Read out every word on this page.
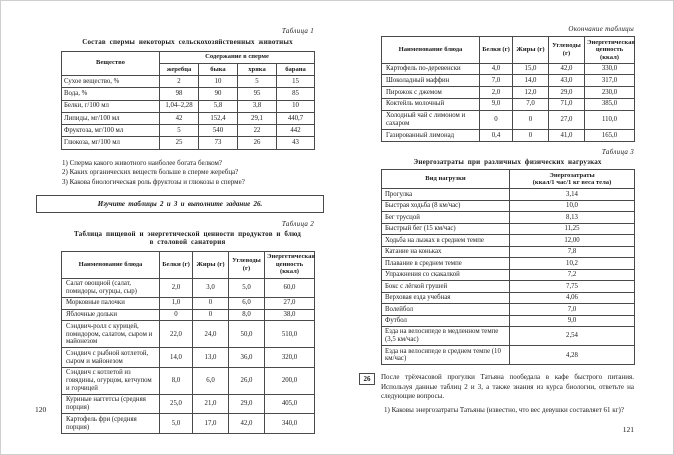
Таблица 1
Состав спермы некоторых сельскохозяйственных животных
Вещество	Содержание в сперме			
	жеребца	быка	хряка	барана
Сухое вещество, %	2	10	5	15
Вода, %	98	90	95	85
Белки, г/100 мл	1,04–2,28	5,8	3,8	10
Липиды, мг/100 мл	42	152,4	29,1	440,7
Фруктоза, мг/100 мл	5	540	22	442
Глюкоза, мг/100 мл	25	73	26	43
1) Сперма какого животного наиболее богата белком?
2) Каких органических веществ больше в сперме жеребца?
3) Какова биологическая роль фруктозы и глюкозы в сперме?
Изучите таблицы 2 и 3 и выполните задание 26.
Таблица 2
Таблица пищевой и энергетической ценности продуктов и блюд
в столовой санатория
Наименование блюда	Белки (г)	Жиры (г)	Углеводы (г)	Энергетическая ценность (ккал)
Салат овощной (салат, помидоры, огурцы, сыр)	2,0	3,0	5,0	60,0
Морковные палочки	1,0	0	6,0	27,0
Яблочные дольки	0	0	8,0	38,0
Сэндвич-ролл с курицей, помидором, салатом, сыром и майонезом	22,0	24,0	50,0	510,0
Сэндвич с рыбной котлетой, сыром и майонезом	14,0	13,0	36,0	320,0
Сэндвич с котлетой из говядины, огурцом, кетчупом и горчицей	8,0	6,0	26,0	200,0
Куриные наггетсы (средняя порция)	25,0	21,0	29,0	405,0
Картофель фри (средняя порция)	5,0	17,0	42,0	340,0
120
Окончание таблицы
Наименование блюда	Белки (г)	Жиры (г)	Углеводы (г)	Энергетическая ценность (ккал)
Картофель по-деревенски	4,0	15,0	42,0	330,0
Шоколадный маффин	7,0	14,0	43,0	317,0
Пирожок с джемом	2,0	12,0	29,0	230,0
Коктейль молочный	9,0	7,0	71,0	385,0
Холодный чай с лимоном и сахаром	0	0	27,0	110,0
Газированный лимонад	0,4	0	41,0	165,0
Таблица 3
Энергозатраты при различных физических нагрузках
Вид нагрузки	Энергозатраты
(ккал/1 час/1 кг веса тела)

Прогулка	3,14
Быстрая ходьба (8 км/час)	10,0
Бег трусцой	8,13
Быстрый бег (15 км/час)	11,25
Ходьба на лыжах в среднем темпе	12,00
Катание на коньках	7,8
Плавание в среднем темпе	10,2
Упражнения со скакалкой	7,2
Бокс с лёгкой грушей	7,75
Верховая езда учебная	4,06
Волейбол	7,0
Футбол	9,0
Езда на велосипеде в медленном темпе (3,5 км/час)	2,54
Езда на велосипеде в среднем темпе (10 км/час)	4,28
26	После трёхчасовой прогулки Татьяна пообедала в кафе быстрого питания. Используя данные таблиц 2 и 3, а также знания из курса биологии, ответьте на следующие вопросы.
1) Каковы энергозатраты Татьяны (известно, что вес девушки составляет 61 кг)?
121
